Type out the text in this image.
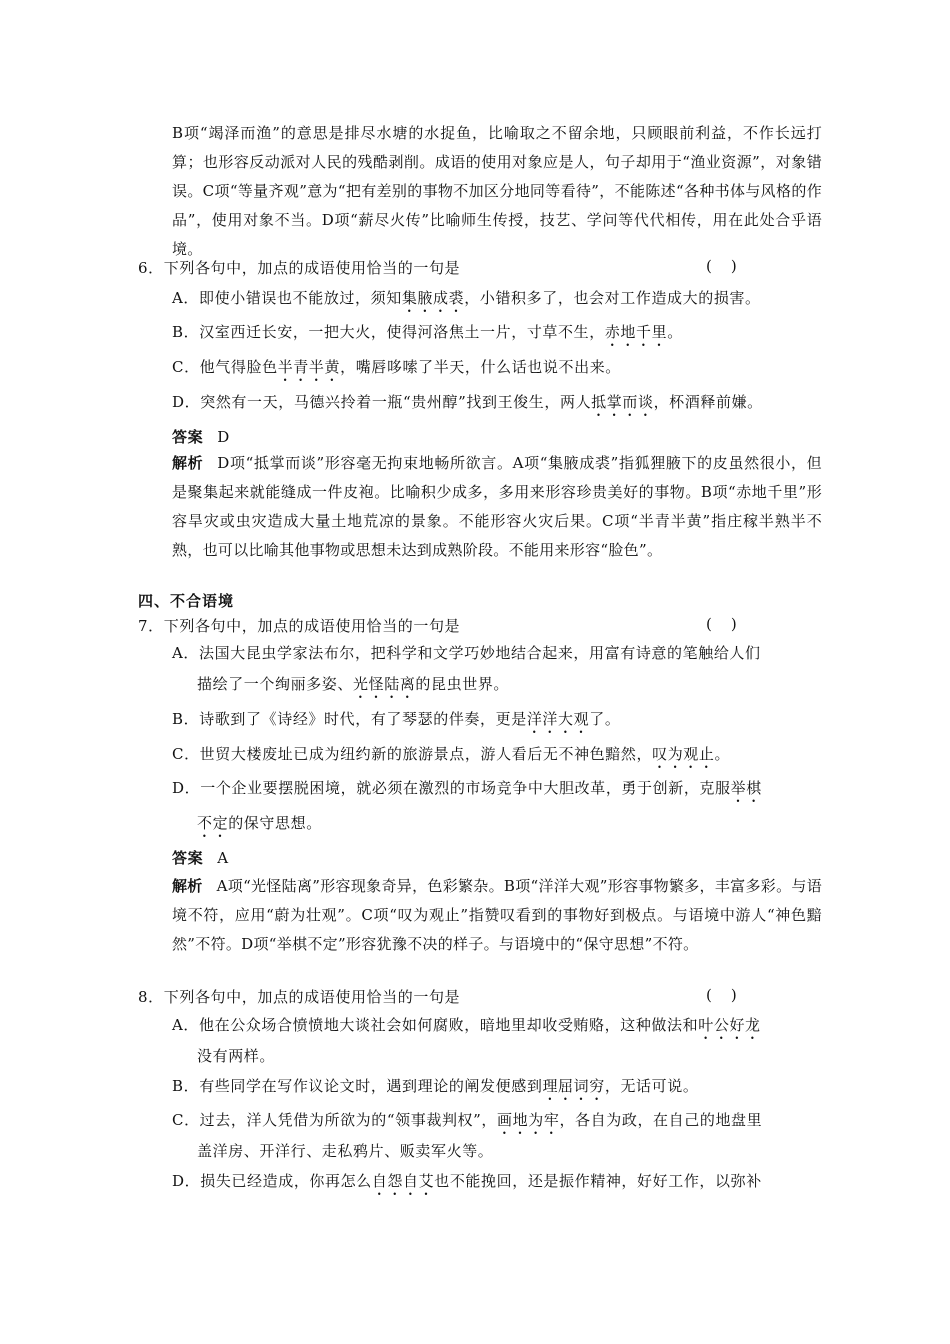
B项“竭泽而渔”的意思是排尽水塘的水捉鱼，比喻取之不留余地，只顾眼前利益，不作长远打算；也形容反动派对人民的残酷剥削。成语的使用对象应是人，句子却用于“渔业资源”，对象错误。C项“等量齐观”意为“把有差别的事物不加区分地同等看待”，不能陈述“各种书体与风格的作品”，使用对象不当。D项“薪尽火传”比喻师生传授，技艺、学问等代代相传，用在此处合乎语境。
6．下列各句中，加点的成语使用恰当的一句是	(    )
A．即使小错误也不能放过，须知集腋成裘，小错积多了，也会对工作造成大的损害。
B．汉室西迁长安，一把大火，使得河洛焦土一片，寸草不生，赤地千里。
C．他气得脸色半青半黄，嘴唇哆嗦了半天，什么话也说不出来。
D．突然有一天，马德兴拎着一瓶“贵州醇”找到王俊生，两人抵掌而谈，杯酒释前嫌。
答案 D
解析 D项“抵掌而谈”形容毫无拘束地畅所欲言。A项“集腋成裘”指狐狸腋下的皮虽然很小，但是聚集起来就能缝成一件皮袍。比喻积少成多，多用来形容珍贵美好的事物。B项“赤地千里”形容旱灾或虫灾造成大量土地荒凉的景象。不能形容火灾后果。C项“半青半黄”指庄稼半熟半不熟，也可以比喻其他事物或思想未达到成熟阶段。不能用来形容“脸色”。
四、不合语境
7．下列各句中，加点的成语使用恰当的一句是	(    )
A．法国大昆虫学家法布尔，把科学和文学巧妙地结合起来，用富有诗意的笔触给人们
描绘了一个绚丽多姿、光怪陆离的昆虫世界。
B．诗歌到了《诗经》时代，有了琴瑟的伴奏，更是洋洋大观了。
C．世贸大楼废址已成为纽约新的旅游景点，游人看后无不神色黯然，叹为观止。
D．一个企业要摆脱困境，就必须在激烈的市场竞争中大胆改革，勇于创新，克服举棋
不定的保守思想。
答案 A
解析 A项“光怪陆离”形容现象奇异，色彩繁杂。B项“洋洋大观”形容事物繁多，丰富多彩。与语境不符，应用“蔚为壮观”。C项“叹为观止”指赞叹看到的事物好到极点。与语境中游人“神色黯然”不符。D项“举棋不定”形容犹豫不决的样子。与语境中的“保守思想”不符。
8．下列各句中，加点的成语使用恰当的一句是	(    )
A．他在公众场合愤愤地大谈社会如何腐败，暗地里却收受贿赂，这种做法和叶公好龙
没有两样。
B．有些同学在写作议论文时，遇到理论的阐发便感到理屈词穷，无话可说。
C．过去，洋人凭借为所欲为的“领事裁判权”，画地为牢，各自为政，在自己的地盘里
盖洋房、开洋行、走私鸦片、贩卖军火等。
D．损失已经造成，你再怎么自怨自艾也不能挽回，还是振作精神，好好工作，以弥补
